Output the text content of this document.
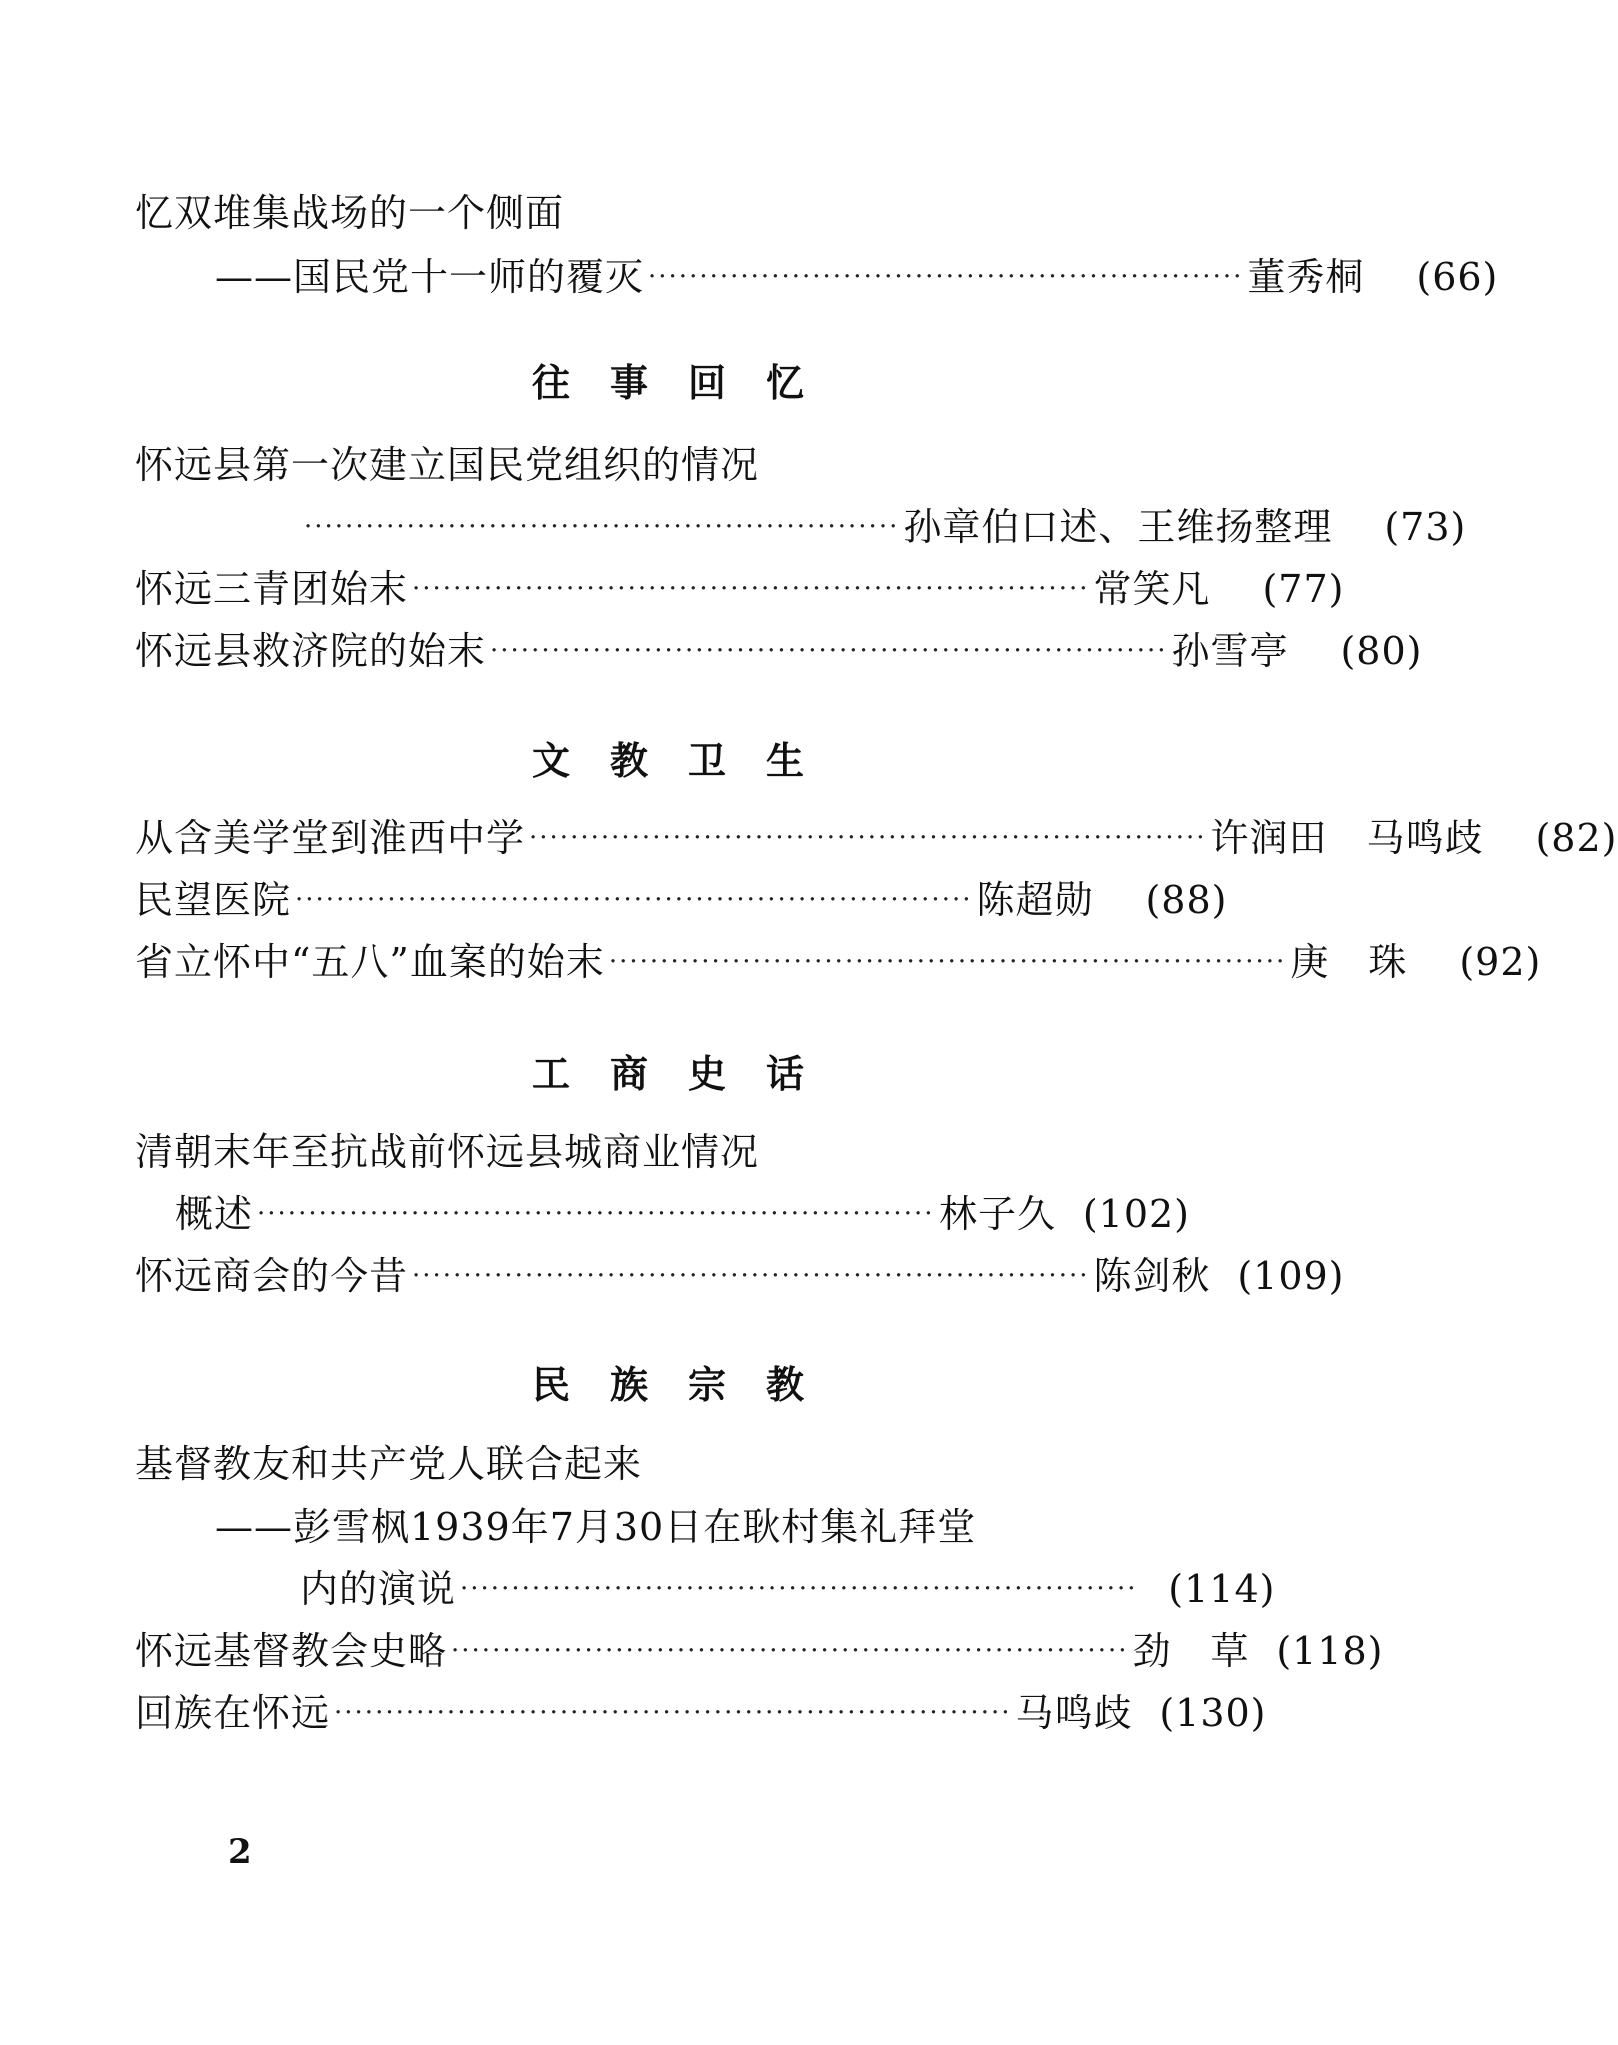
忆双堆集战场的一个侧面
——国民党十一师的覆灭 ·························································· 董秀桐	(66)
往事回忆
怀远县第一次建立国民党组织的情况
·························································· 孙章伯口述、王维扬整理	(73)
怀远三青团始末 ·································································· 常笑凡	(77)
怀远县救济院的始末 ·································································· 孙雪亭	(80)
文教卫生
从含美学堂到淮西中学 ·································································· 许润田　马鸣歧	(82)
民望医院 ·································································· 陈超勋	(88)
省立怀中“五八”血案的始末 ·································································· 庚　珠	(92)
工商史话
清朝末年至抗战前怀远县城商业情况
概述 ·································································· 林子久 (102)
怀远商会的今昔 ·································································· 陈剑秋 (109)
民族宗教
基督教友和共产党人联合起来
——彭雪枫1939年7月30日在耿村集礼拜堂
内的演说 ·································································· (114)
怀远基督教会史略 ·································································· 劲　草 (118)
回族在怀远 ·································································· 马鸣歧 (130)
2
